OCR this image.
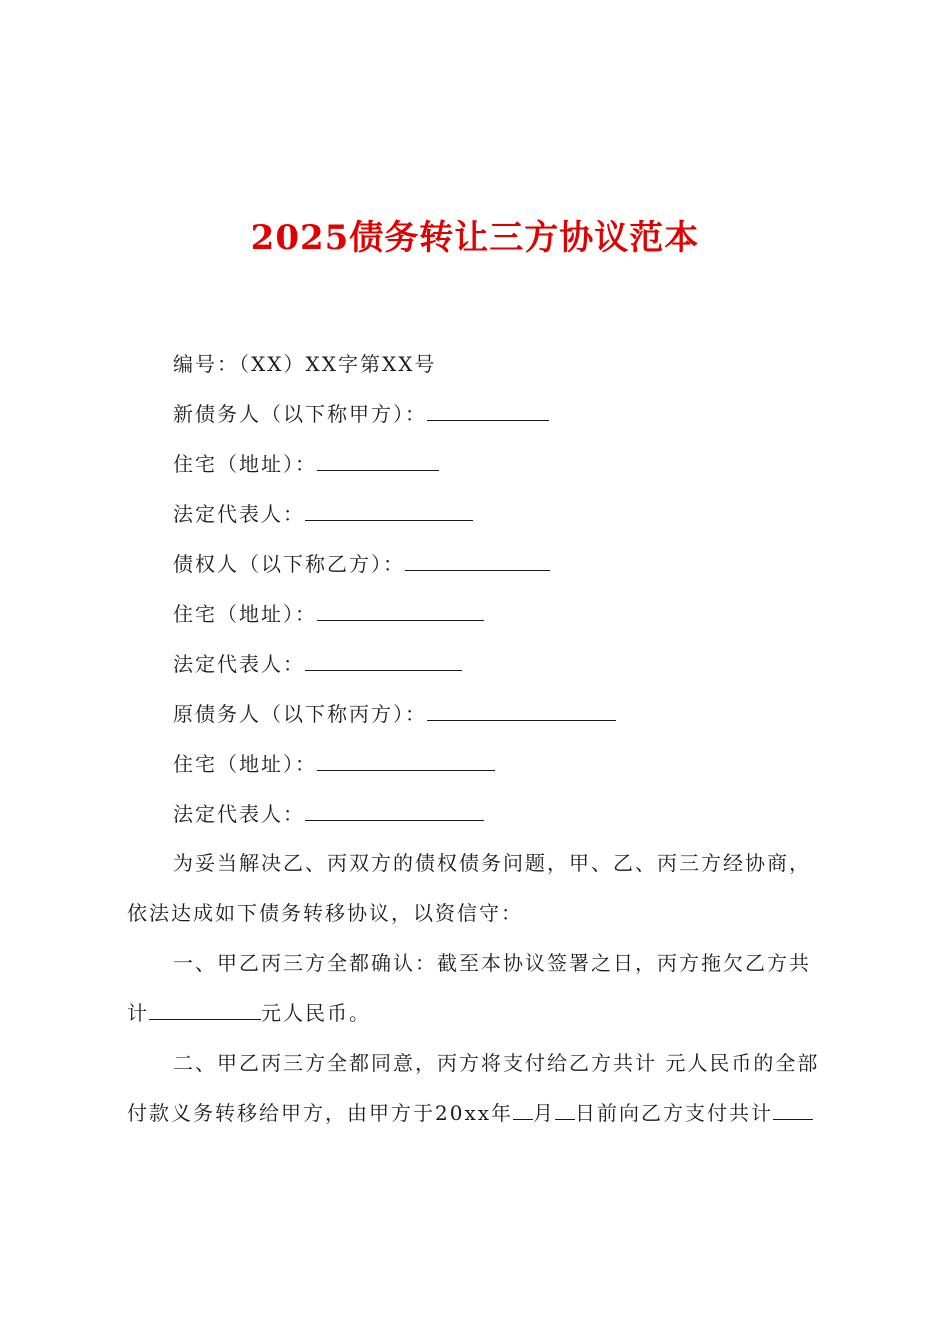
2025债务转让三方协议范本
编号：（XX）XX字第XX号
新债务人（以下称甲方）：
住宅（地址）：
法定代表人：
债权人（以下称乙方）：
住宅（地址）：
法定代表人：
原债务人（以下称丙方）：
住宅（地址）：
法定代表人：
为妥当解决乙、丙双方的债权债务问题，甲、乙、丙三方经协商，依法达成如下债务转移协议，以资信守：
一、甲乙丙三方全都确认：截至本协议签署之日，丙方拖欠乙方共计	元人民币。
二、甲乙丙三方全都同意，丙方将支付给乙方共计 元人民币的全部付款义务转移给甲方，由甲方于20xx年 月 日前向乙方支付共计
